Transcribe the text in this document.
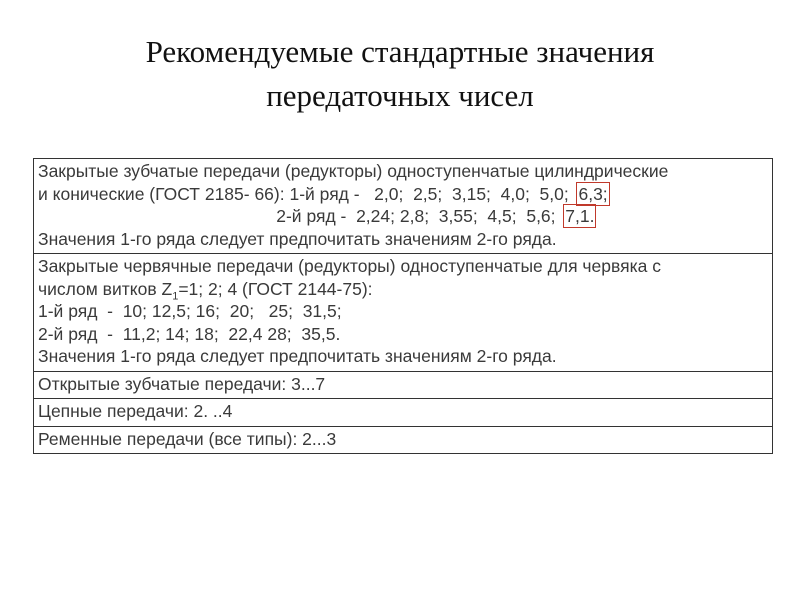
Рекомендуемые стандартные значения
передаточных чисел
Закрытые зубчатые передачи (редукторы) одноступенчатые цилиндрические
и конические (ГОСТ 2185- 66): 1-й ряд -   2,0;  2,5;  3,15;  4,0;  5,0;  6,3;
2-й ряд -  2,24; 2,8;  3,55;  4,5;  5,6;  7,1.
Значения 1-го ряда следует предпочитать значениям 2-го ряда.

Закрытые червячные передачи (редукторы) одноступенчатые для червяка с
числом витков $Z_1=1$; 2; 4 (ГОСТ 2144-75):
1-й ряд  -  10; 12,5; 16;  20;   25;  31,5;
2-й ряд  -  11,2; 14; 18;  22,4 28;  35,5.
Значения 1-го ряда следует предпочитать значениям 2-го ряда.

Открытые зубчатые передачи: 3...7
Цепные передачи: 2. ..4
Ременные передачи (все типы): 2...3
